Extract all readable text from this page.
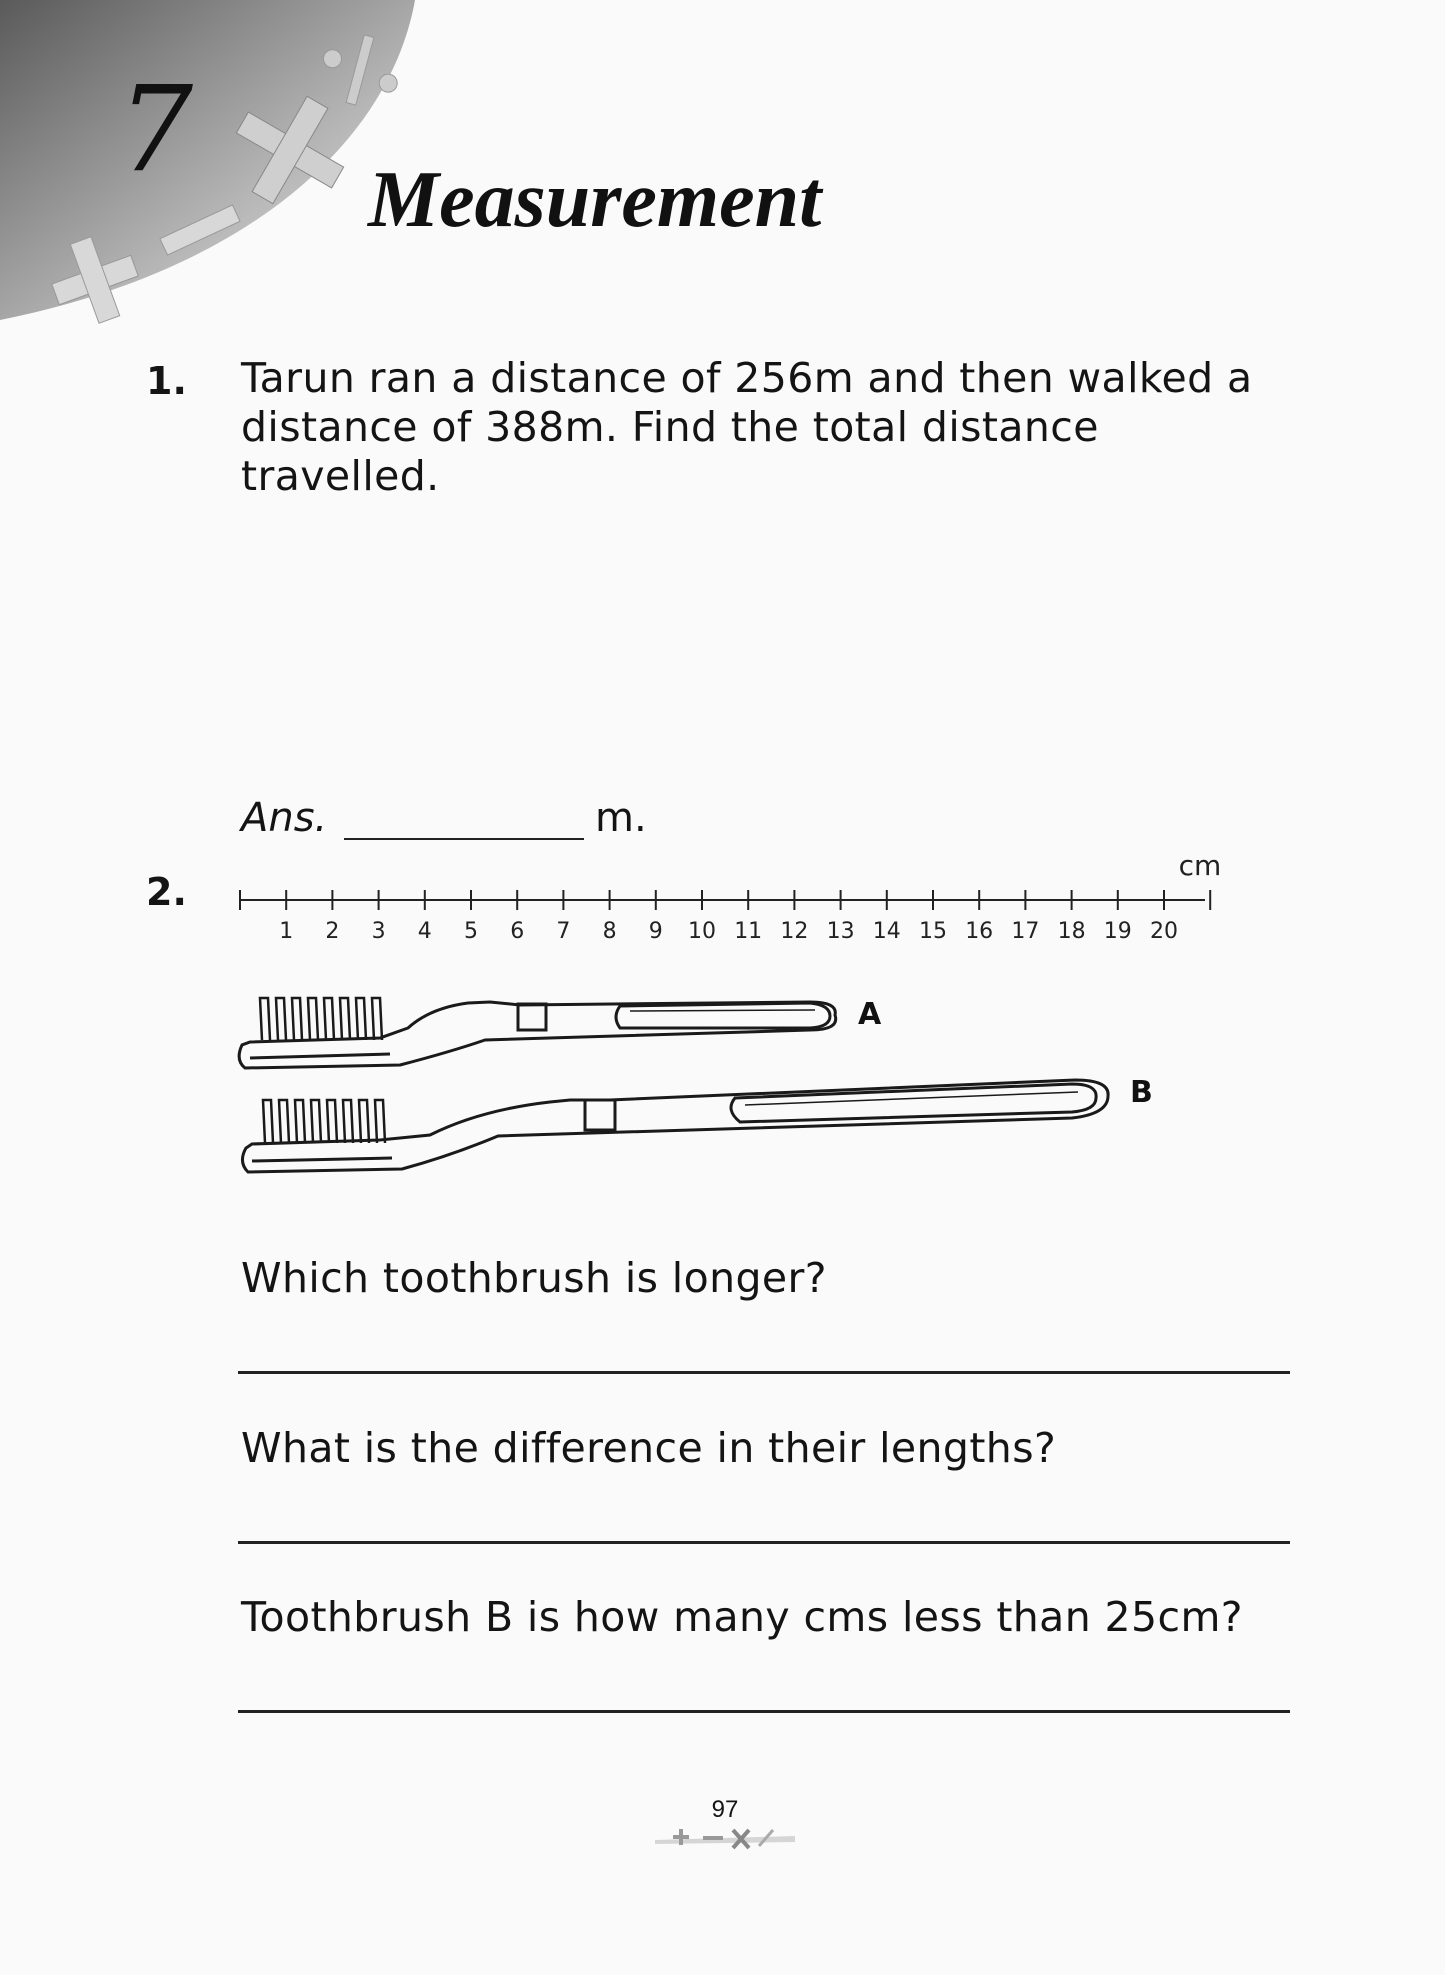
7
Measurement
1. Tarun ran a distance of 256m and then walked a
distance of 388m. Find the total distance
travelled.
Ans.	m.
2.
1 2 3 4 5 6 7 8 9 10 11 12 13 14 15 16 17 18 19 20
cm
A
B
Which toothbrush is longer?
What is the difference in their lengths?
Toothbrush B is how many cms less than 25cm?
97
